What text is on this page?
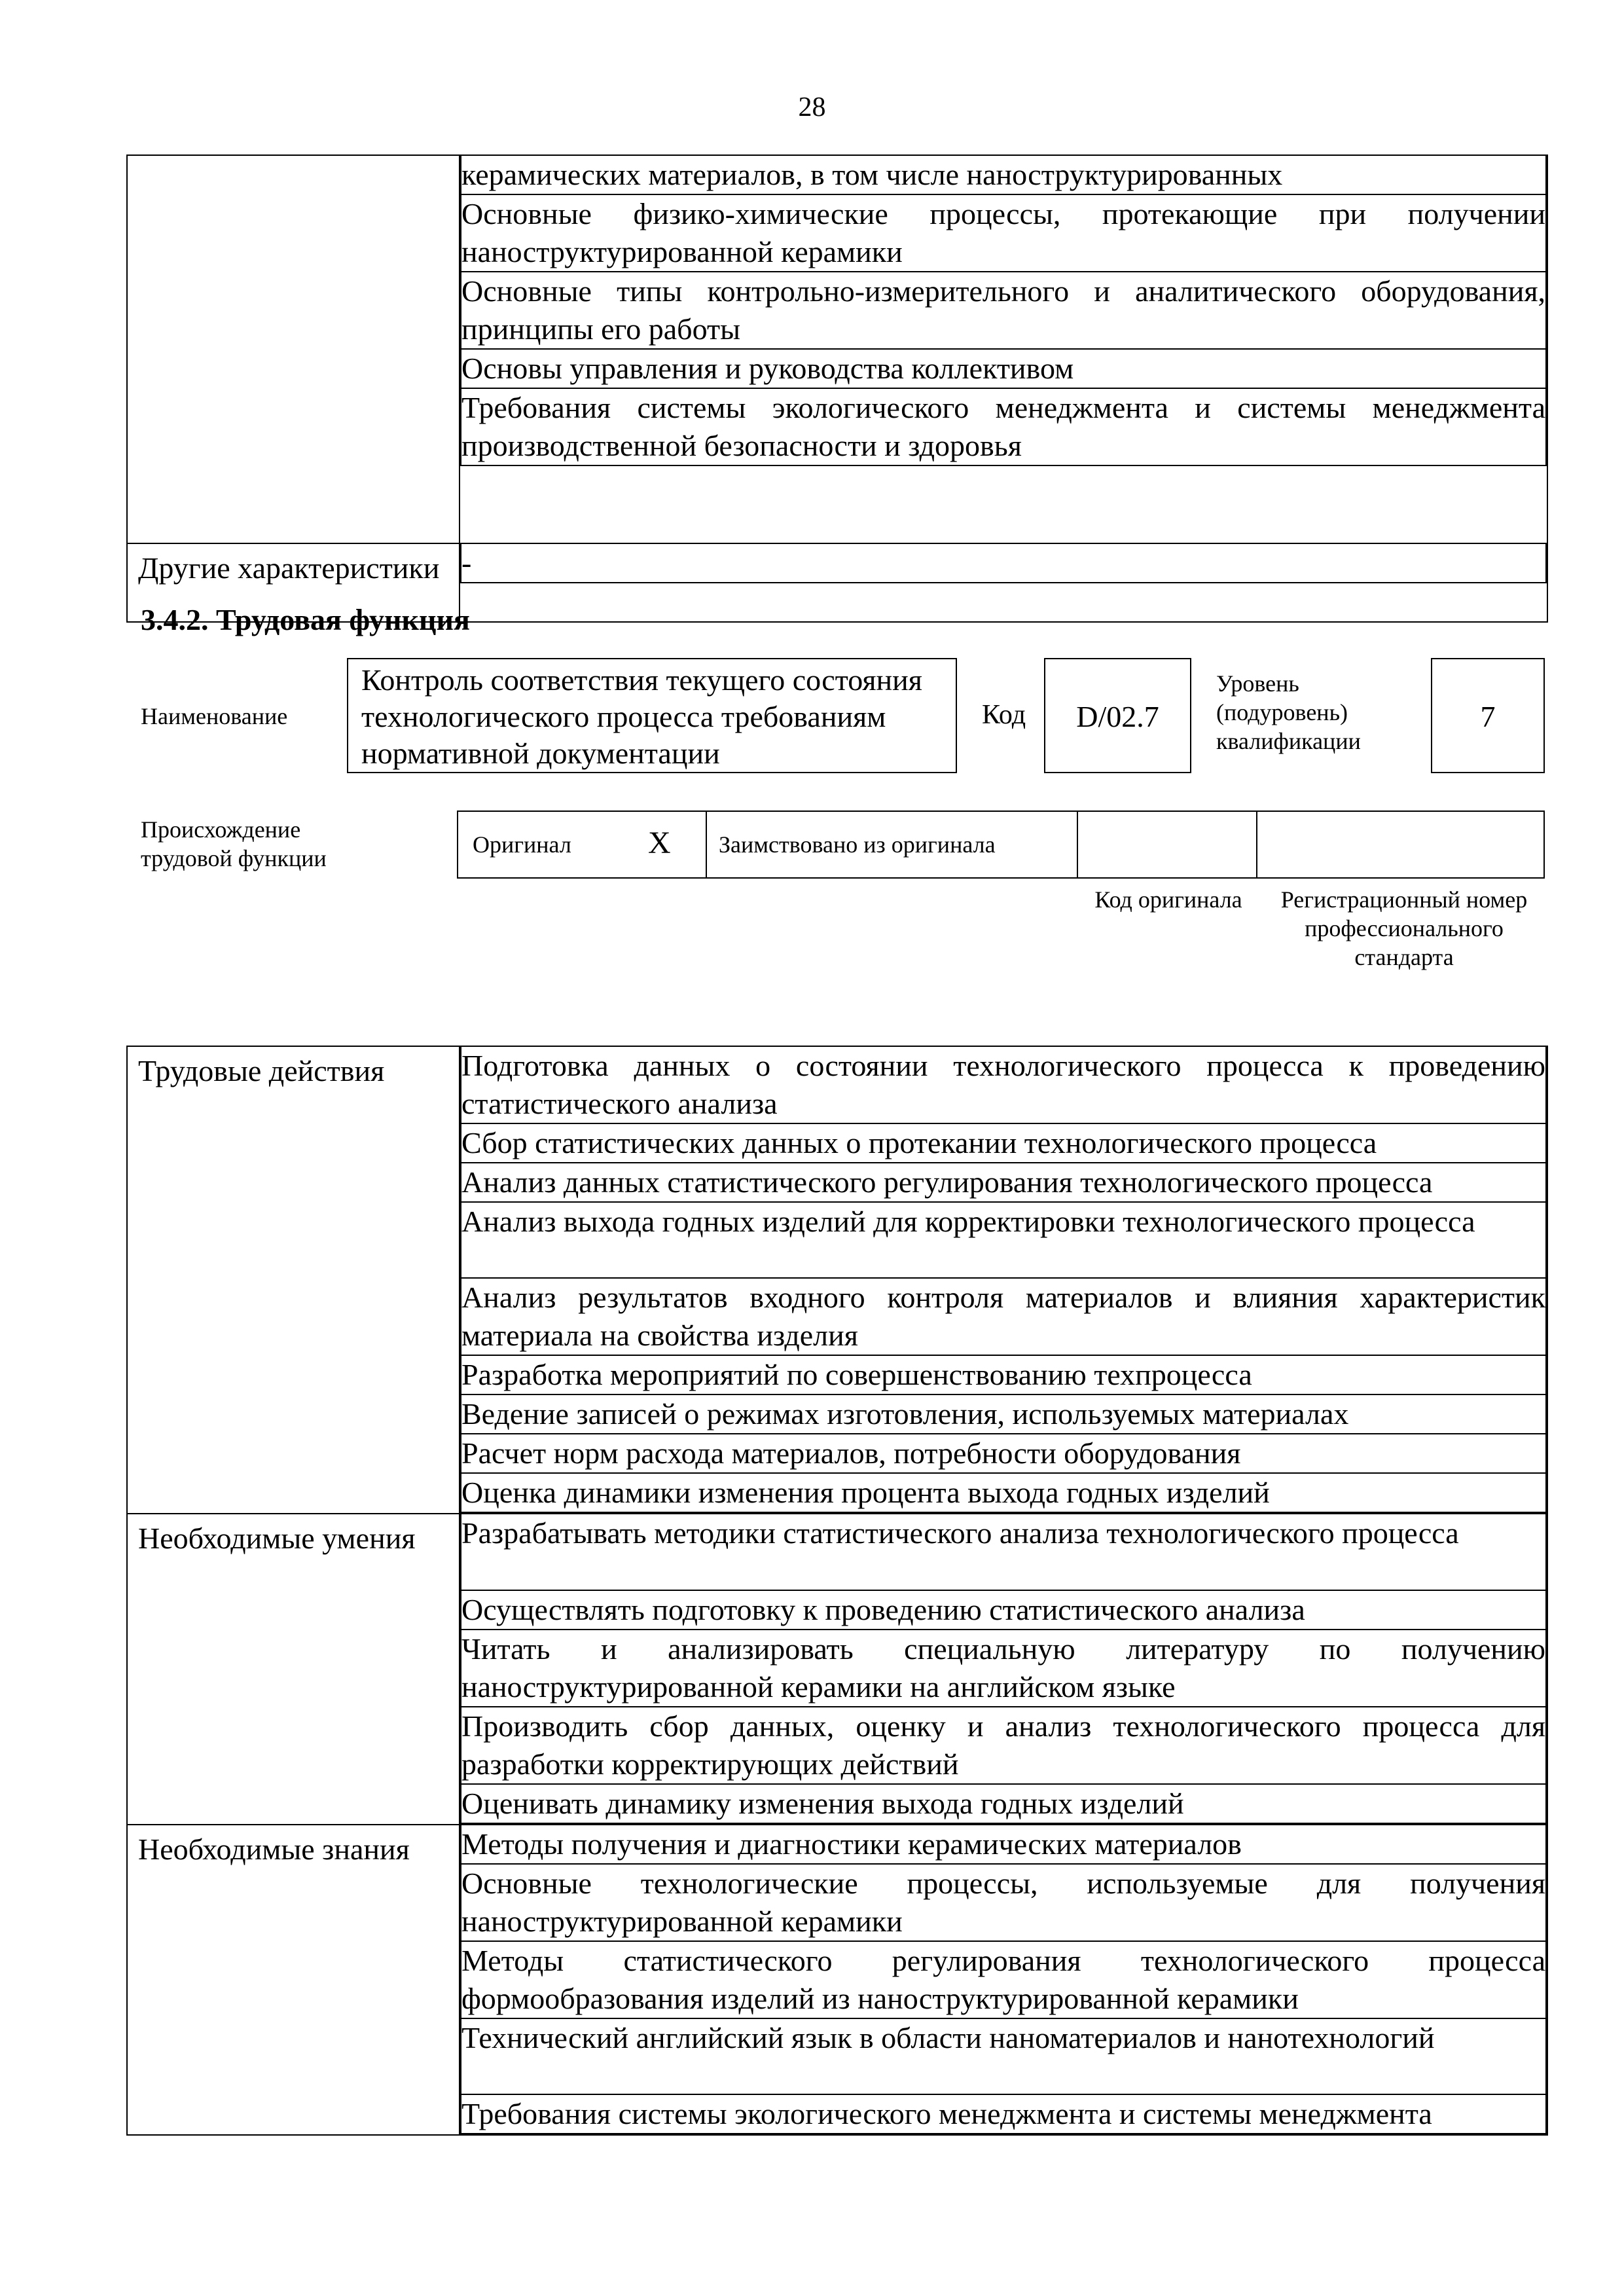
28

керамических материалов, в том числе наноструктурированных
Основные физико-химические процессы, протекающие при получении наноструктурированной керамики
Основные типы контрольно-измерительного и аналитического оборудования, принципы его работы
Основы управления и руководства коллективом
Требования системы экологического менеджмента и системы менеджмента производственной безопасности и здоровья

Другие характеристики	-
3.4.2. Трудовая функция
Наименование
Контроль соответствия текущего состояния технологического процесса требованиям нормативной документации
Код	D/02.7
Уровень (подуровень) квалификации
7
Происхождение трудовой функции
Оригинал X Заимствовано из оригинала
Код оригинала	Регистрационный номер профессионального стандарта
Трудовые действия		Подготовка данных о состоянии технологического процесса к проведению статистического анализа
Сбор статистических данных о протекании технологического процесса
Анализ данных статистического регулирования технологического процесса
Анализ выхода годных изделий для корректировки технологического процесса
Анализ результатов входного контроля материалов и влияния характеристик материала на свойства изделия
Разработка мероприятий по совершенствованию техпроцесса
Ведение записей о режимах изготовления, используемых материалах
Расчет норм расхода материалов, потребности оборудования
Оценка динамики изменения процента выхода годных изделий

Необходимые умения	Разрабатывать методики статистического анализа технологического процесса
Осуществлять подготовку к проведению статистического анализа
Читать и анализировать специальную литературу по получению наноструктурированной керамики на английском языке
Производить сбор данных, оценку и анализ технологического процесса для разработки корректирующих действий
Оценивать динамику изменения выхода годных изделий

Необходимые знания	Методы получения и диагностики керамических материалов
Основные технологические процессы, используемые для получения наноструктурированной керамики
Методы статистического регулирования технологического процесса формообразования изделий из наноструктурированной керамики
Технический английский язык в области наноматериалов и нанотехнологий
Требования системы экологического менеджмента и системы менеджмента
